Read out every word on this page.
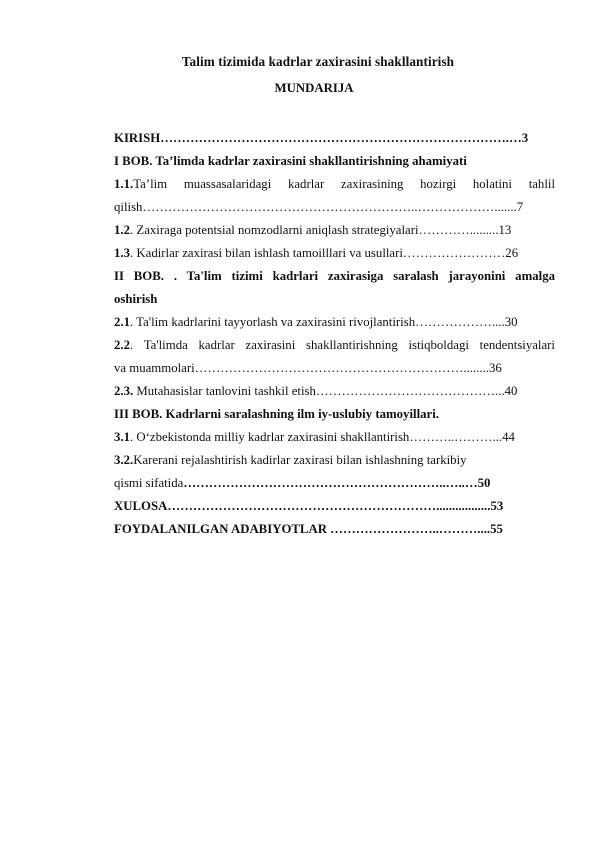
Talim tizimida kadrlar zaxirasini shakllantirish
MUNDARIJA
KIRISH……………………………………………………………………….…3
I BOB. Ta’limda kadrlar zaxirasini shakllantirishning ahamiyati
1.1.Ta’lim muassasalaridagi kadrlar zaxirasining hozirgi holatini tahlil
qilish………………………………………………………..……………….......7
1.2. Zaxiraga potentsial nomzodlarni aniqlash strategiyalari………….........13
1.3. Kadirlar zaxirasi bilan ishlash tamoilllari va usullari……………………26
II BOB. . Ta'lim tizimi kadrlari zaxirasiga saralash jarayonini amalga
oshirish
2.1. Ta'lim kadrlarini tayyorlash va zaxirasini rivojlantirish………………....30
2.2. Ta'limda kadrlar zaxirasini shakllantirishning istiqboldagi tendentsiyalari
va muammolari………………………………………………………........36
2.3. Mutahasislar tanlovini tashkil etish……………………………………...40
III BOB. Kadrlarni saralashning ilm iy-uslubiy tamoyillari.
3.1. O‘zbekistonda milliy kadrlar zaxirasini shakllantirish………..………...44
3.2.Karerani rejalashtirish kadirlar zaxirasi bilan ishlashning tarkibiy
qismi sifatida……………………………………………………..…..…50
XULOSA……………………………………………………….................53
FOYDALANILGAN ADABIYOTLAR ……………………..………....55
